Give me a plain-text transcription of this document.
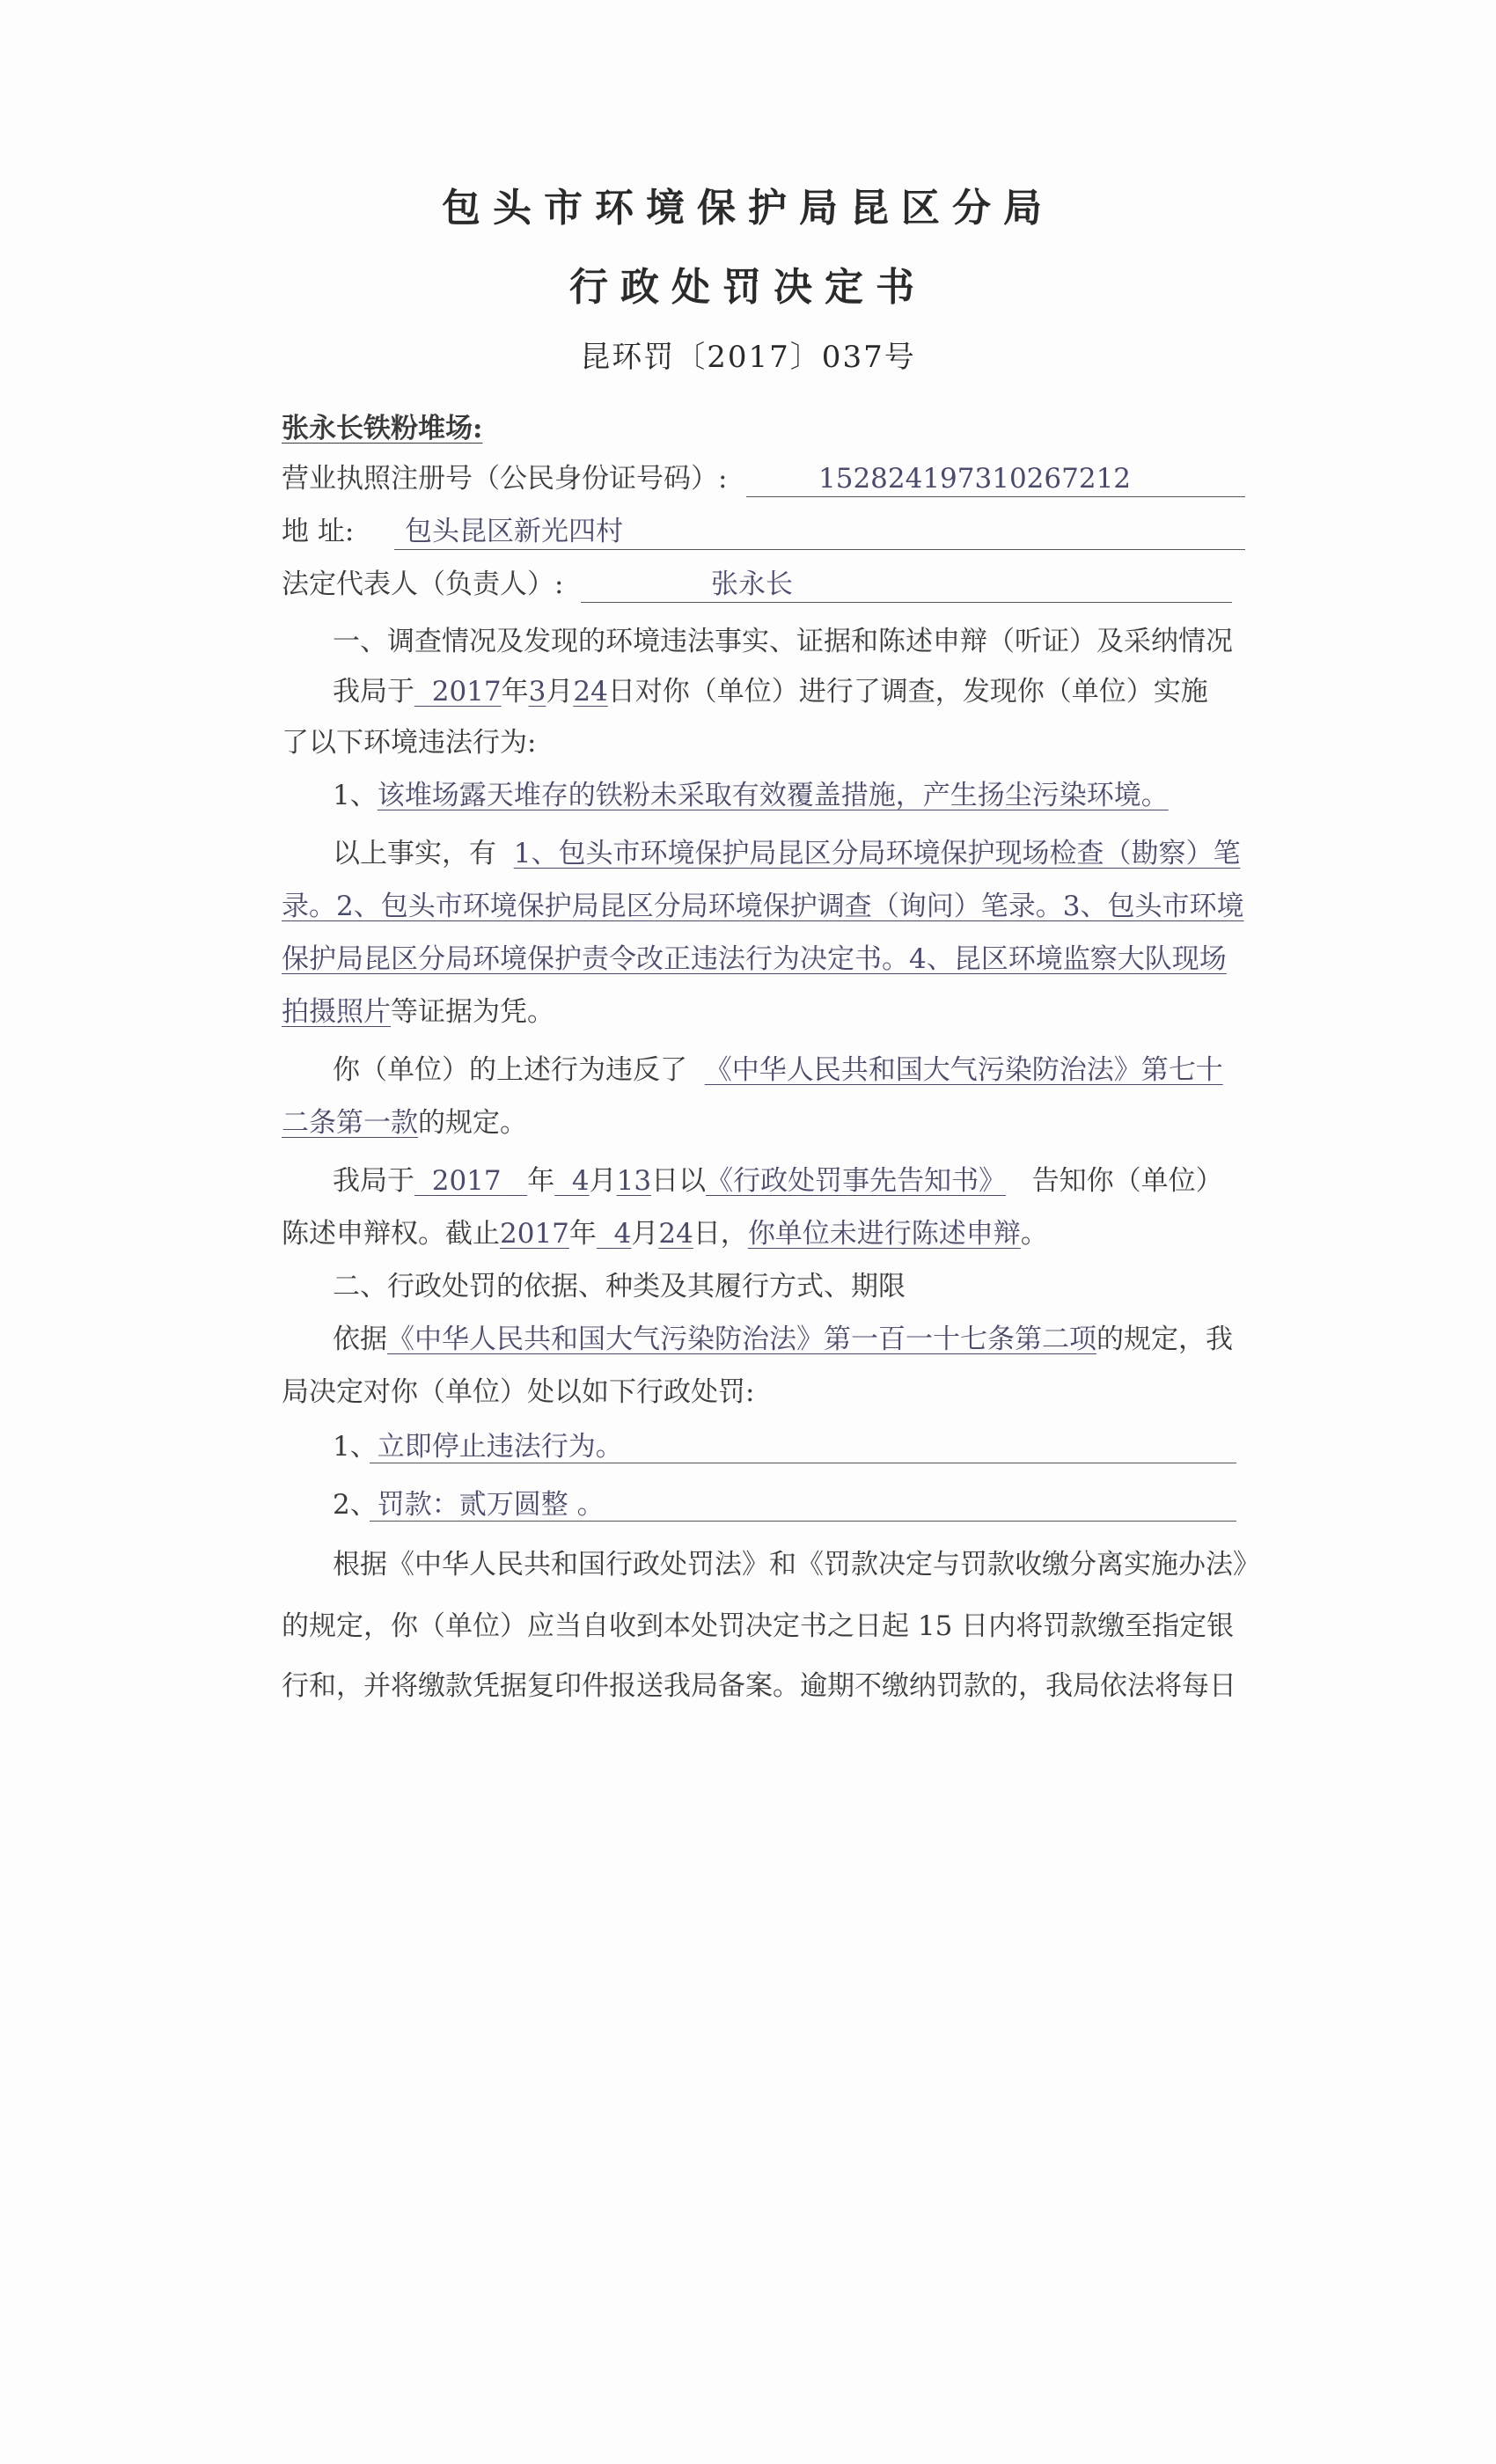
包头市环境保护局昆区分局
行政处罚决定书
昆环罚〔2017〕037号
张永长铁粉堆场:
营业执照注册号（公民身份证号码）:	152824197310267212
地 址: 包头昆区新光四村
法定代表人（负责人）:	张永长
一、调查情况及发现的环境违法事实、证据和陈述申辩（听证）及采纳情况
我局于 2017年3月24日对你（单位）进行了调查，发现你（单位）实施
了以下环境违法行为:
1、该堆场露天堆存的铁粉未采取有效覆盖措施，产生扬尘污染环境。
以上事实，有 1、包头市环境保护局昆区分局环境保护现场检查（勘察）笔
录。2、包头市环境保护局昆区分局环境保护调查（询问）笔录。3、包头市环境
保护局昆区分局环境保护责令改正违法行为决定书。4、昆区环境监察大队现场
拍摄照片等证据为凭。
你（单位）的上述行为违反了 《中华人民共和国大气污染防治法》第七十
二条第一款的规定。
我局于 2017 年 4月13日以《行政处罚事先告知书》 告知你（单位）
陈述申辩权。截止2017年 4月24日，你单位未进行陈述申辩。
二、行政处罚的依据、种类及其履行方式、期限
依据《中华人民共和国大气污染防治法》第一百一十七条第二项的规定，我
局决定对你（单位）处以如下行政处罚:
1、立即停止违法行为。
2、罚款：贰万圆整 。
根据《中华人民共和国行政处罚法》和《罚款决定与罚款收缴分离实施办法》
的规定，你（单位）应当自收到本处罚决定书之日起 15 日内将罚款缴至指定银
行和，并将缴款凭据复印件报送我局备案。逾期不缴纳罚款的，我局依法将每日
